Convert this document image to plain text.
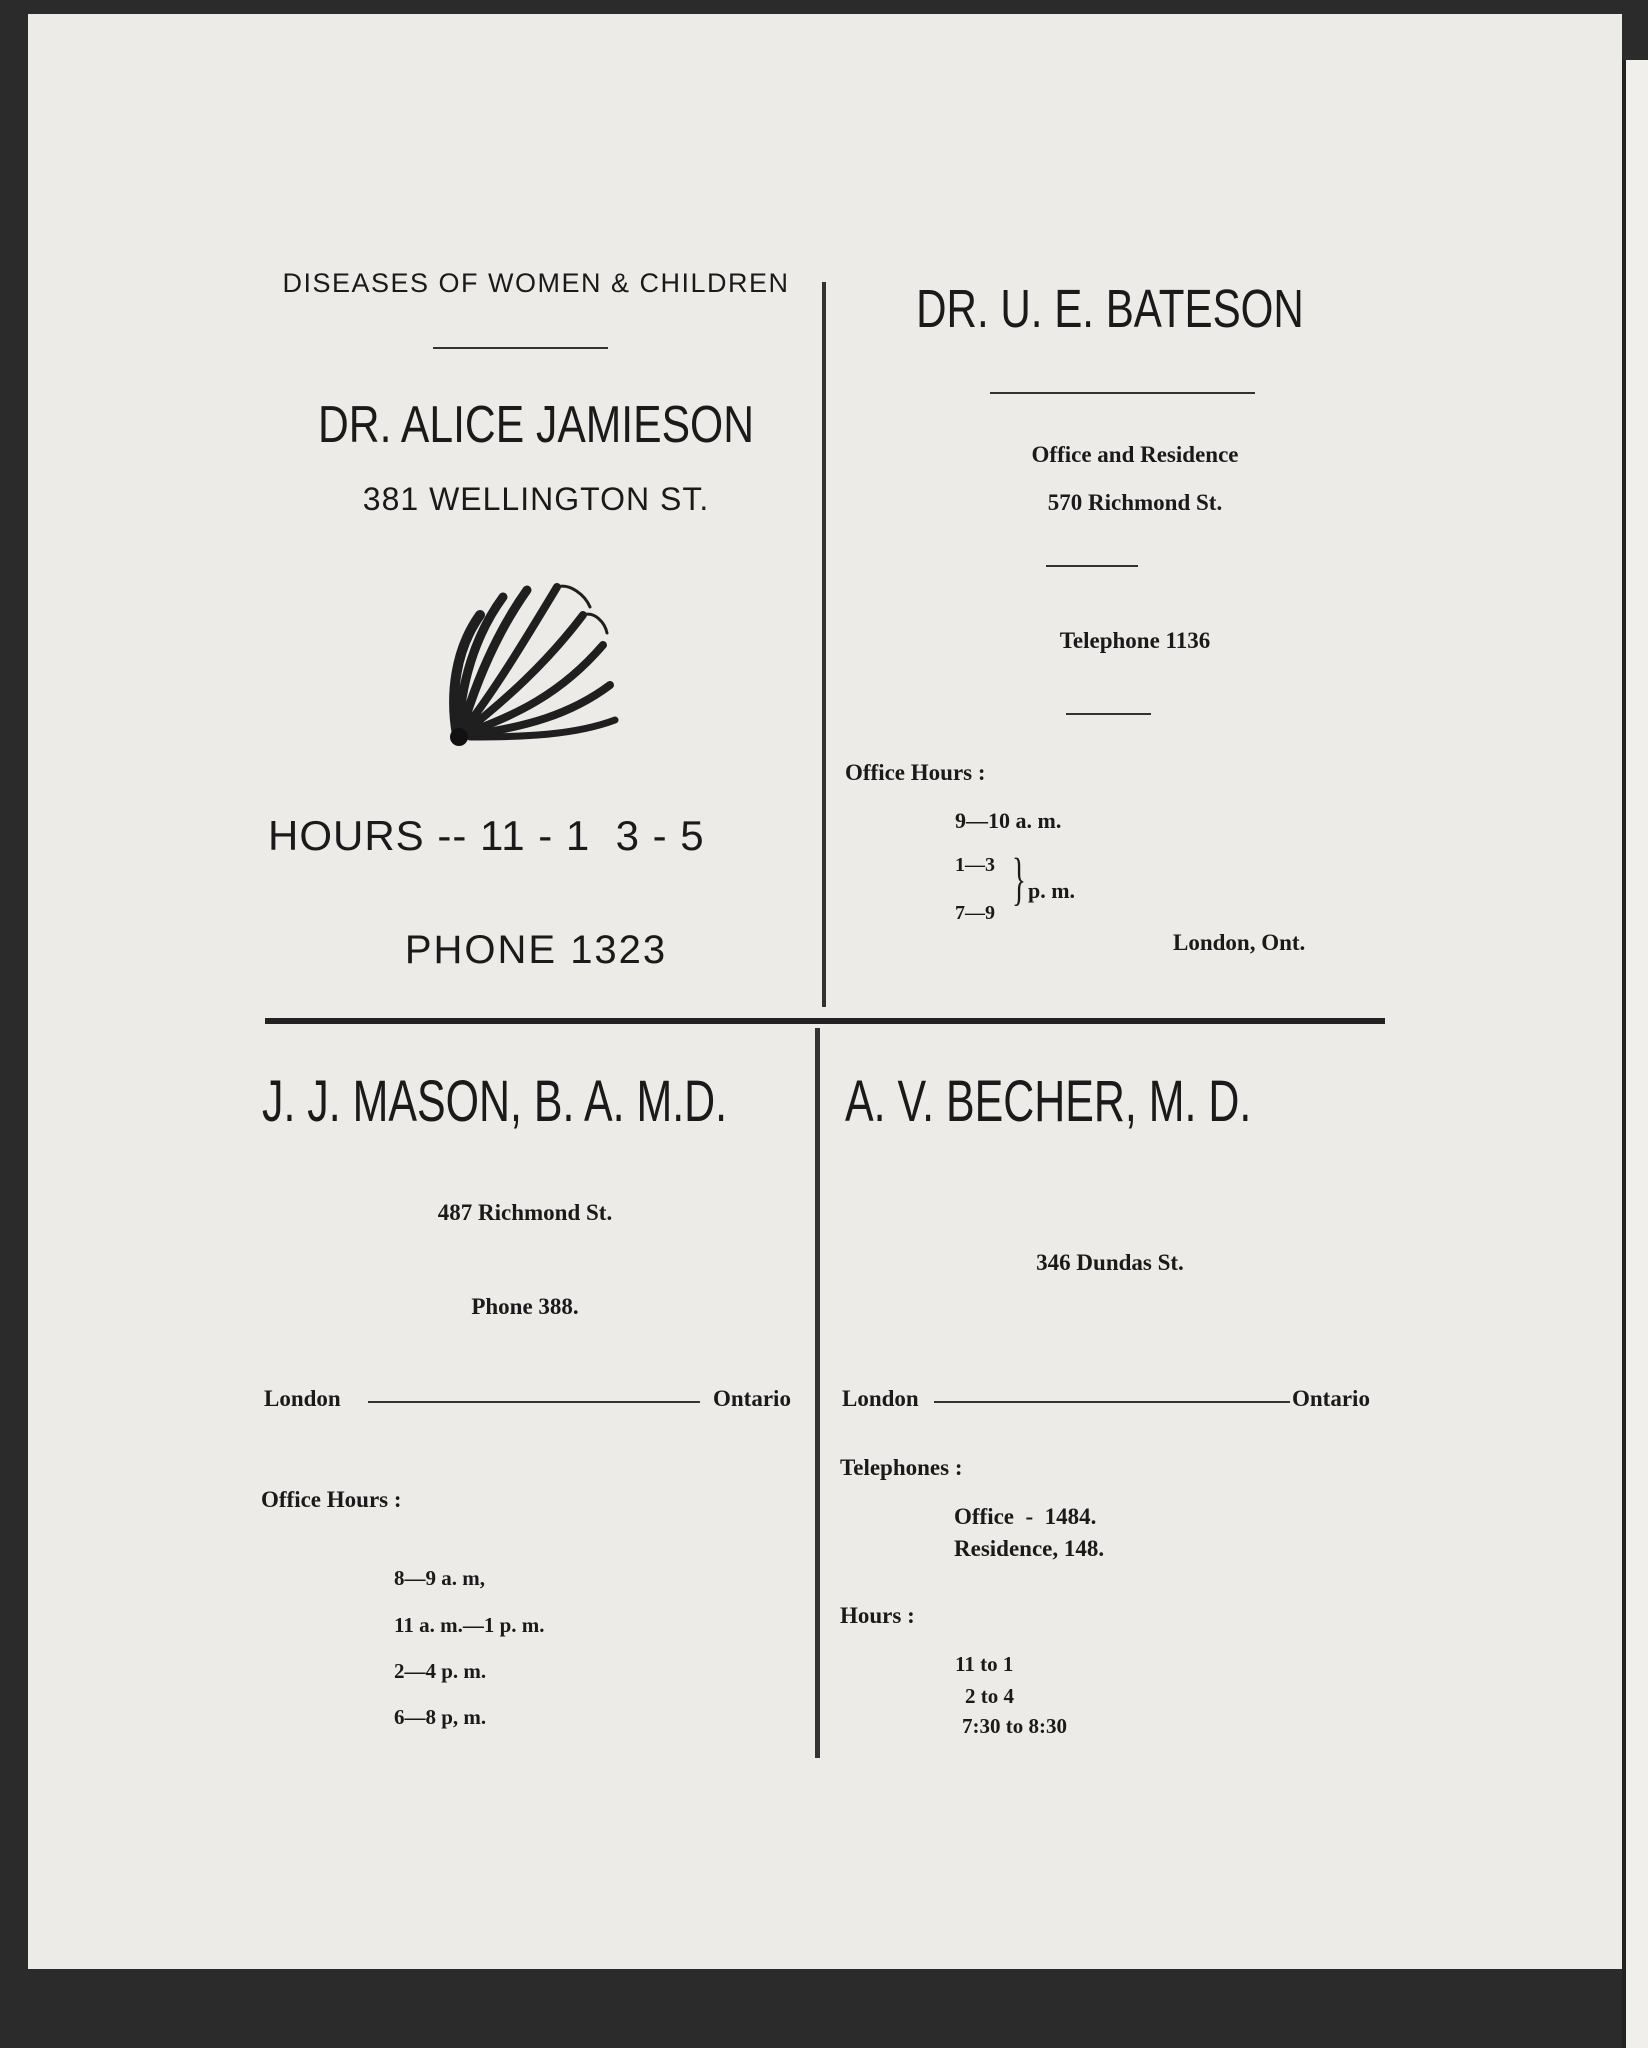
DISEASES OF WOMEN & CHILDREN
DR. ALICE JAMIESON
381 WELLINGTON ST.
HOURS -- 11 - 1  3 - 5
PHONE 1323
DR. U. E. BATESON
Office and Residence
570 Richmond St.
Telephone 1136
Office Hours :
9—10 a. m.
1—3
7—9
} p. m.
London, Ont.
J. J. MASON, B. A. M.D.
487 Richmond St.
Phone 388.
London	Ontario
Office Hours :
8—9 a. m,
11 a. m.—1 p. m.
2—4 p. m.
6—8 p, m.
A. V. BECHER, M. D.
346 Dundas St.
London	Ontario
Telephones :
Office  -  1484.
Residence, 148.
Hours :
11 to 1
2 to 4
7:30 to 8:30
